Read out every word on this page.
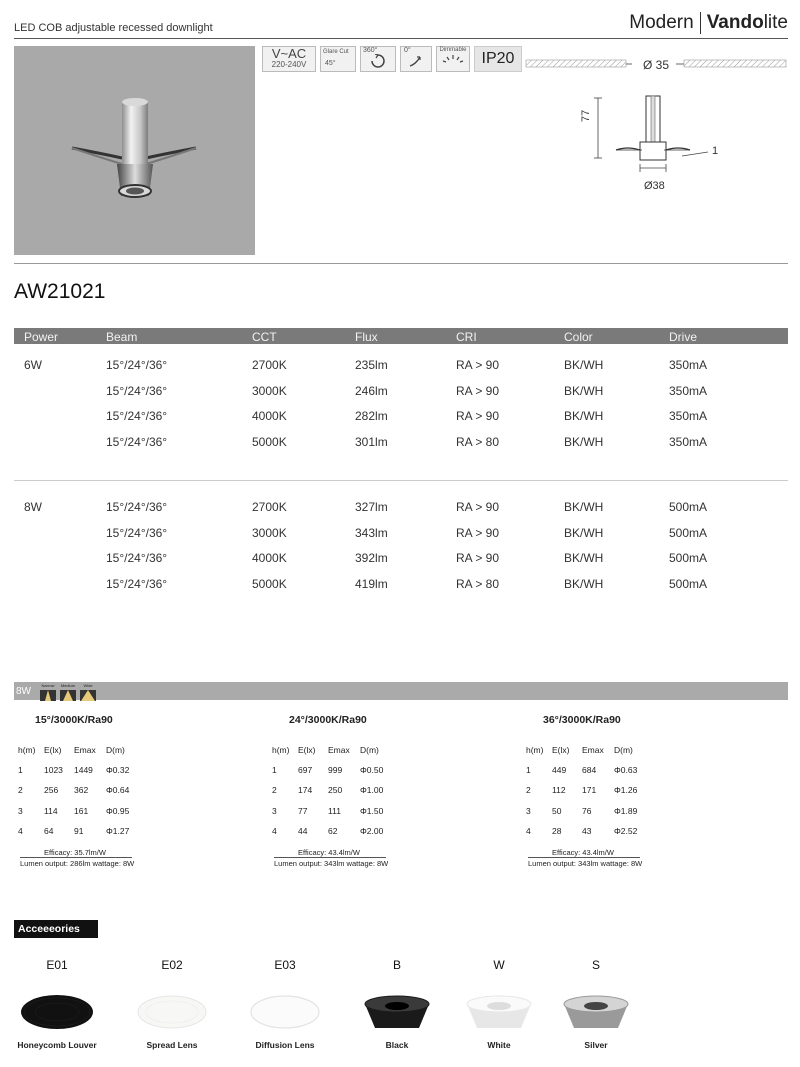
LED COB adjustable recessed downlight	Modern Vando lite
V~AC
220-240V
Glare Cut
45°
360°	0°	Dimmable IP20	Ø 35
77
1
Ø38
AW21021
Power	Beam	CCT	Flux	CRI	Color	Drive
6W	15°/24°/36°	2700K	235lm	RA > 90	BK/WH	350mA
15°/24°/36°	3000K	246lm	RA > 90	BK/WH	350mA
15°/24°/36°	4000K	282lm	RA > 90	BK/WH	350mA
15°/24°/36°	5000K	301lm	RA > 80	BK/WH	350mA
8W	15°/24°/36°	2700K	327lm	RA > 90	BK/WH	500mA
15°/24°/36°	3000K	343lm	RA > 90	BK/WH	500mA
15°/24°/36°	4000K	392lm	RA > 90	BK/WH	500mA
15°/24°/36°	5000K	419lm	RA > 80	BK/WH	500mA
8W
Narrow	Medium	Wide
15°/3000K/Ra90
h(m) E(lx) Emax D(m)
1	1023 1449 Φ0.32
2	256 362 Φ0.64
3	114 161 Φ0.95
4	64 91	Φ1.27
Efficacy: 35.7lm/W
Lumen output: 286lm wattage: 8W
24°/3000K/Ra90
h(m) E(lx) Emax D(m)
1	697 999 Φ0.50
2	174 250 Φ1.00
3	77 111 Φ1.50
4	44 62	Φ2.00
Efficacy: 43.4lm/W
Lumen output: 343lm wattage: 8W
36°/3000K/Ra90
h(m) E(lx) Emax D(m)
1	449 684 Φ0.63
2	112 171 Φ1.26
3	50 76	Φ1.89
4	28 43	Φ2.52
Efficacy: 43.4lm/W
Lumen output: 343lm wattage: 8W
Acceeeories
E01
Honeycomb Louver
E02
Spread Lens
E03
Diffusion Lens
B
Black
W
White
S
Silver
